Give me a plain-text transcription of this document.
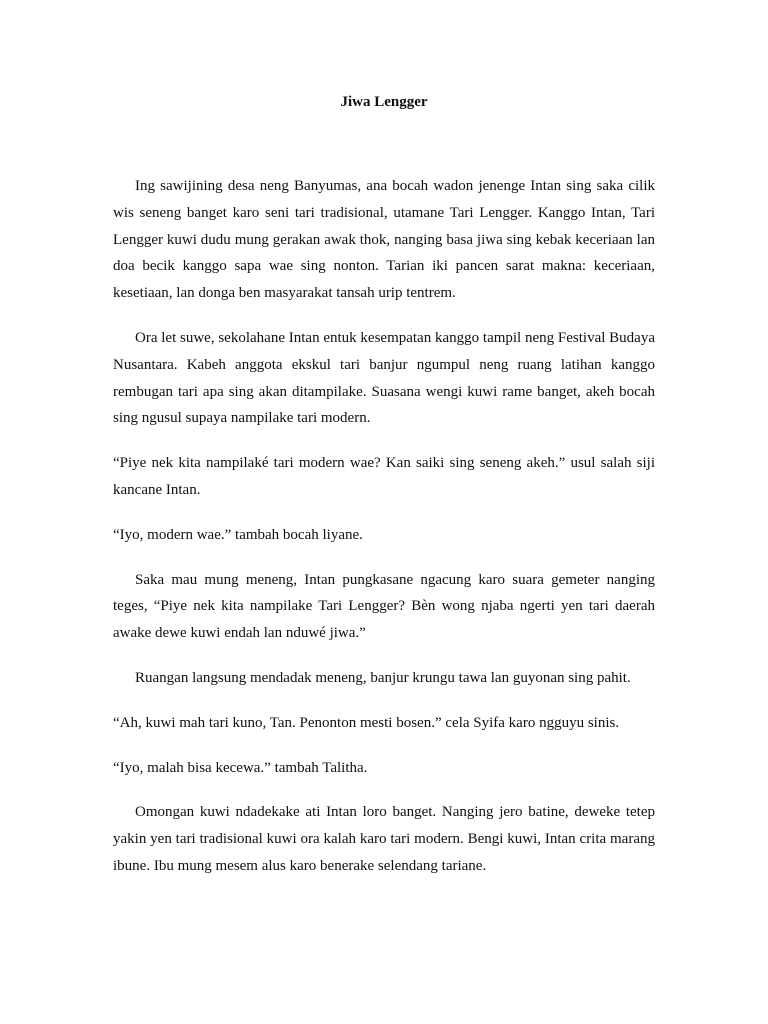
Jiwa Lengger

Ing sawijining desa neng Banyumas, ana bocah wadon jenenge Intan sing saka cilik wis seneng banget karo seni tari tradisional, utamane Tari Lengger. Kanggo Intan, Tari Lengger kuwi dudu mung gerakan awak thok, nanging basa jiwa sing kebak keceriaan lan doa becik kanggo sapa wae sing nonton. Tarian iki pancen sarat makna: keceriaan, kesetiaan, lan donga ben masyarakat tansah urip tentrem.

Ora let suwe, sekolahane Intan entuk kesempatan kanggo tampil neng Festival Budaya Nusantara. Kabeh anggota ekskul tari banjur ngumpul neng ruang latihan kanggo rembugan tari apa sing akan ditampilake. Suasana wengi kuwi rame banget, akeh bocah sing ngusul supaya nampilake tari modern.

“Piye nek kita nampilaké tari modern wae? Kan saiki sing seneng akeh.” usul salah siji kancane Intan.

“Iyo, modern wae.” tambah bocah liyane.

Saka mau mung meneng, Intan pungkasane ngacung karo suara gemeter nanging teges, “Piye nek kita nampilake Tari Lengger? Bèn wong njaba ngerti yen tari daerah awake dewe kuwi endah lan nduwé jiwa.”

Ruangan langsung mendadak meneng, banjur krungu tawa lan guyonan sing pahit.

“Ah, kuwi mah tari kuno, Tan. Penonton mesti bosen.” cela Syifa karo ngguyu sinis.

“Iyo, malah bisa kecewa.” tambah Talitha.

Omongan kuwi ndadekake ati Intan loro banget. Nanging jero batine, deweke tetep yakin yen tari tradisional kuwi ora kalah karo tari modern. Bengi kuwi, Intan crita marang ibune. Ibu mung mesem alus karo benerake selendang tariane.
